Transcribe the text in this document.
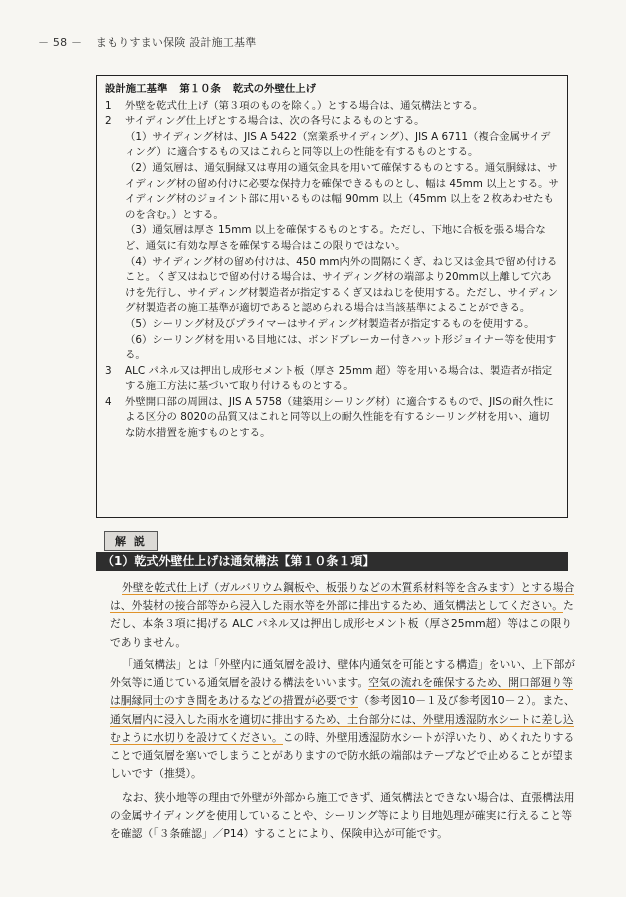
－ 58 － まもりすまい保険 設計施工基準
設計施工基準 第１０条 乾式の外壁仕上げ
1	外壁を乾式仕上げ（第３項のものを除く。）とする場合は、通気構法とする。
2	サイディング仕上げとする場合は、次の各号によるものとする。
（1）サイディング材は、JIS A 5422（窯業系サイディング）、JIS A 6711（複合金属サイディング）に適合するもの又はこれらと同等以上の性能を有するものとする。
（2）通気層は、通気胴縁又は専用の通気金具を用いて確保するものとする。通気胴縁は、サイディング材の留め付けに必要な保持力を確保できるものとし、幅は 45mm 以上とする。サイディング材のジョイント部に用いるものは幅 90mm 以上（45mm 以上を２枚あわせたものを含む。）とする。
（3）通気層は厚さ 15mm 以上を確保するものとする。ただし、下地に合板を張る場合など、通気に有効な厚さを確保する場合はこの限りではない。
（4）サイディング材の留め付けは、450 mm内外の間隔にくぎ、ねじ又は金具で留め付けること。くぎ又はねじで留め付ける場合は、サイディング材の端部より20mm以上離して穴あけを先行し、サイディング材製造者が指定するくぎ又はねじを使用する。ただし、サイディング材製造者の施工基準が適切であると認められる場合は当該基準によることができる。
（5）シーリング材及びプライマーはサイディング材製造者が指定するものを使用する。
（6）シーリング材を用いる目地には、ボンドブレーカー付きハット形ジョイナー等を使用する。
3	ALC パネル又は押出し成形セメント板（厚さ 25mm 超）等を用いる場合は、製造者が指定する施工方法に基づいて取り付けるものとする。
4	外壁開口部の周囲は、JIS A 5758（建築用シーリング材）に適合するもので、JISの耐久性による区分の 8020の品質又はこれと同等以上の耐久性能を有するシーリング材を用い、適切な防水措置を施すものとする。
解 説
（1）乾式外壁仕上げは通気構法【第１０条１項】
外壁を乾式仕上げ（ガルバリウム鋼板や、板張りなどの木質系材料等を含みます）とする場合は、外装材の接合部等から浸入した雨水等を外部に排出するため、通気構法としてください。ただし、本条３項に掲げる ALC パネル又は押出し成形セメント板（厚さ25mm超）等はこの限りでありません。
「通気構法」とは「外壁内に通気層を設け、壁体内通気を可能とする構造」をいい、上下部が外気等に通じている通気層を設ける構法をいいます。空気の流れを確保するため、開口部廻り等は胴縁同士のすき間をあけるなどの措置が必要です（参考図10－１及び参考図10－２）。また、通気層内に浸入した雨水を適切に排出するため、土台部分には、外壁用透湿防水シートに差し込むように水切りを設けてください。この時、外壁用透湿防水シートが浮いたり、めくれたりすることで通気層を塞いでしまうことがありますので防水紙の端部はテープなどで止めることが望ましいです（推奨）。
なお、狭小地等の理由で外壁が外部から施工できず、通気構法とできない場合は、直張構法用の金属サイディングを使用していることや、シーリング等により目地処理が確実に行えること等を確認（「３条確認」／P14）することにより、保険申込が可能です。
